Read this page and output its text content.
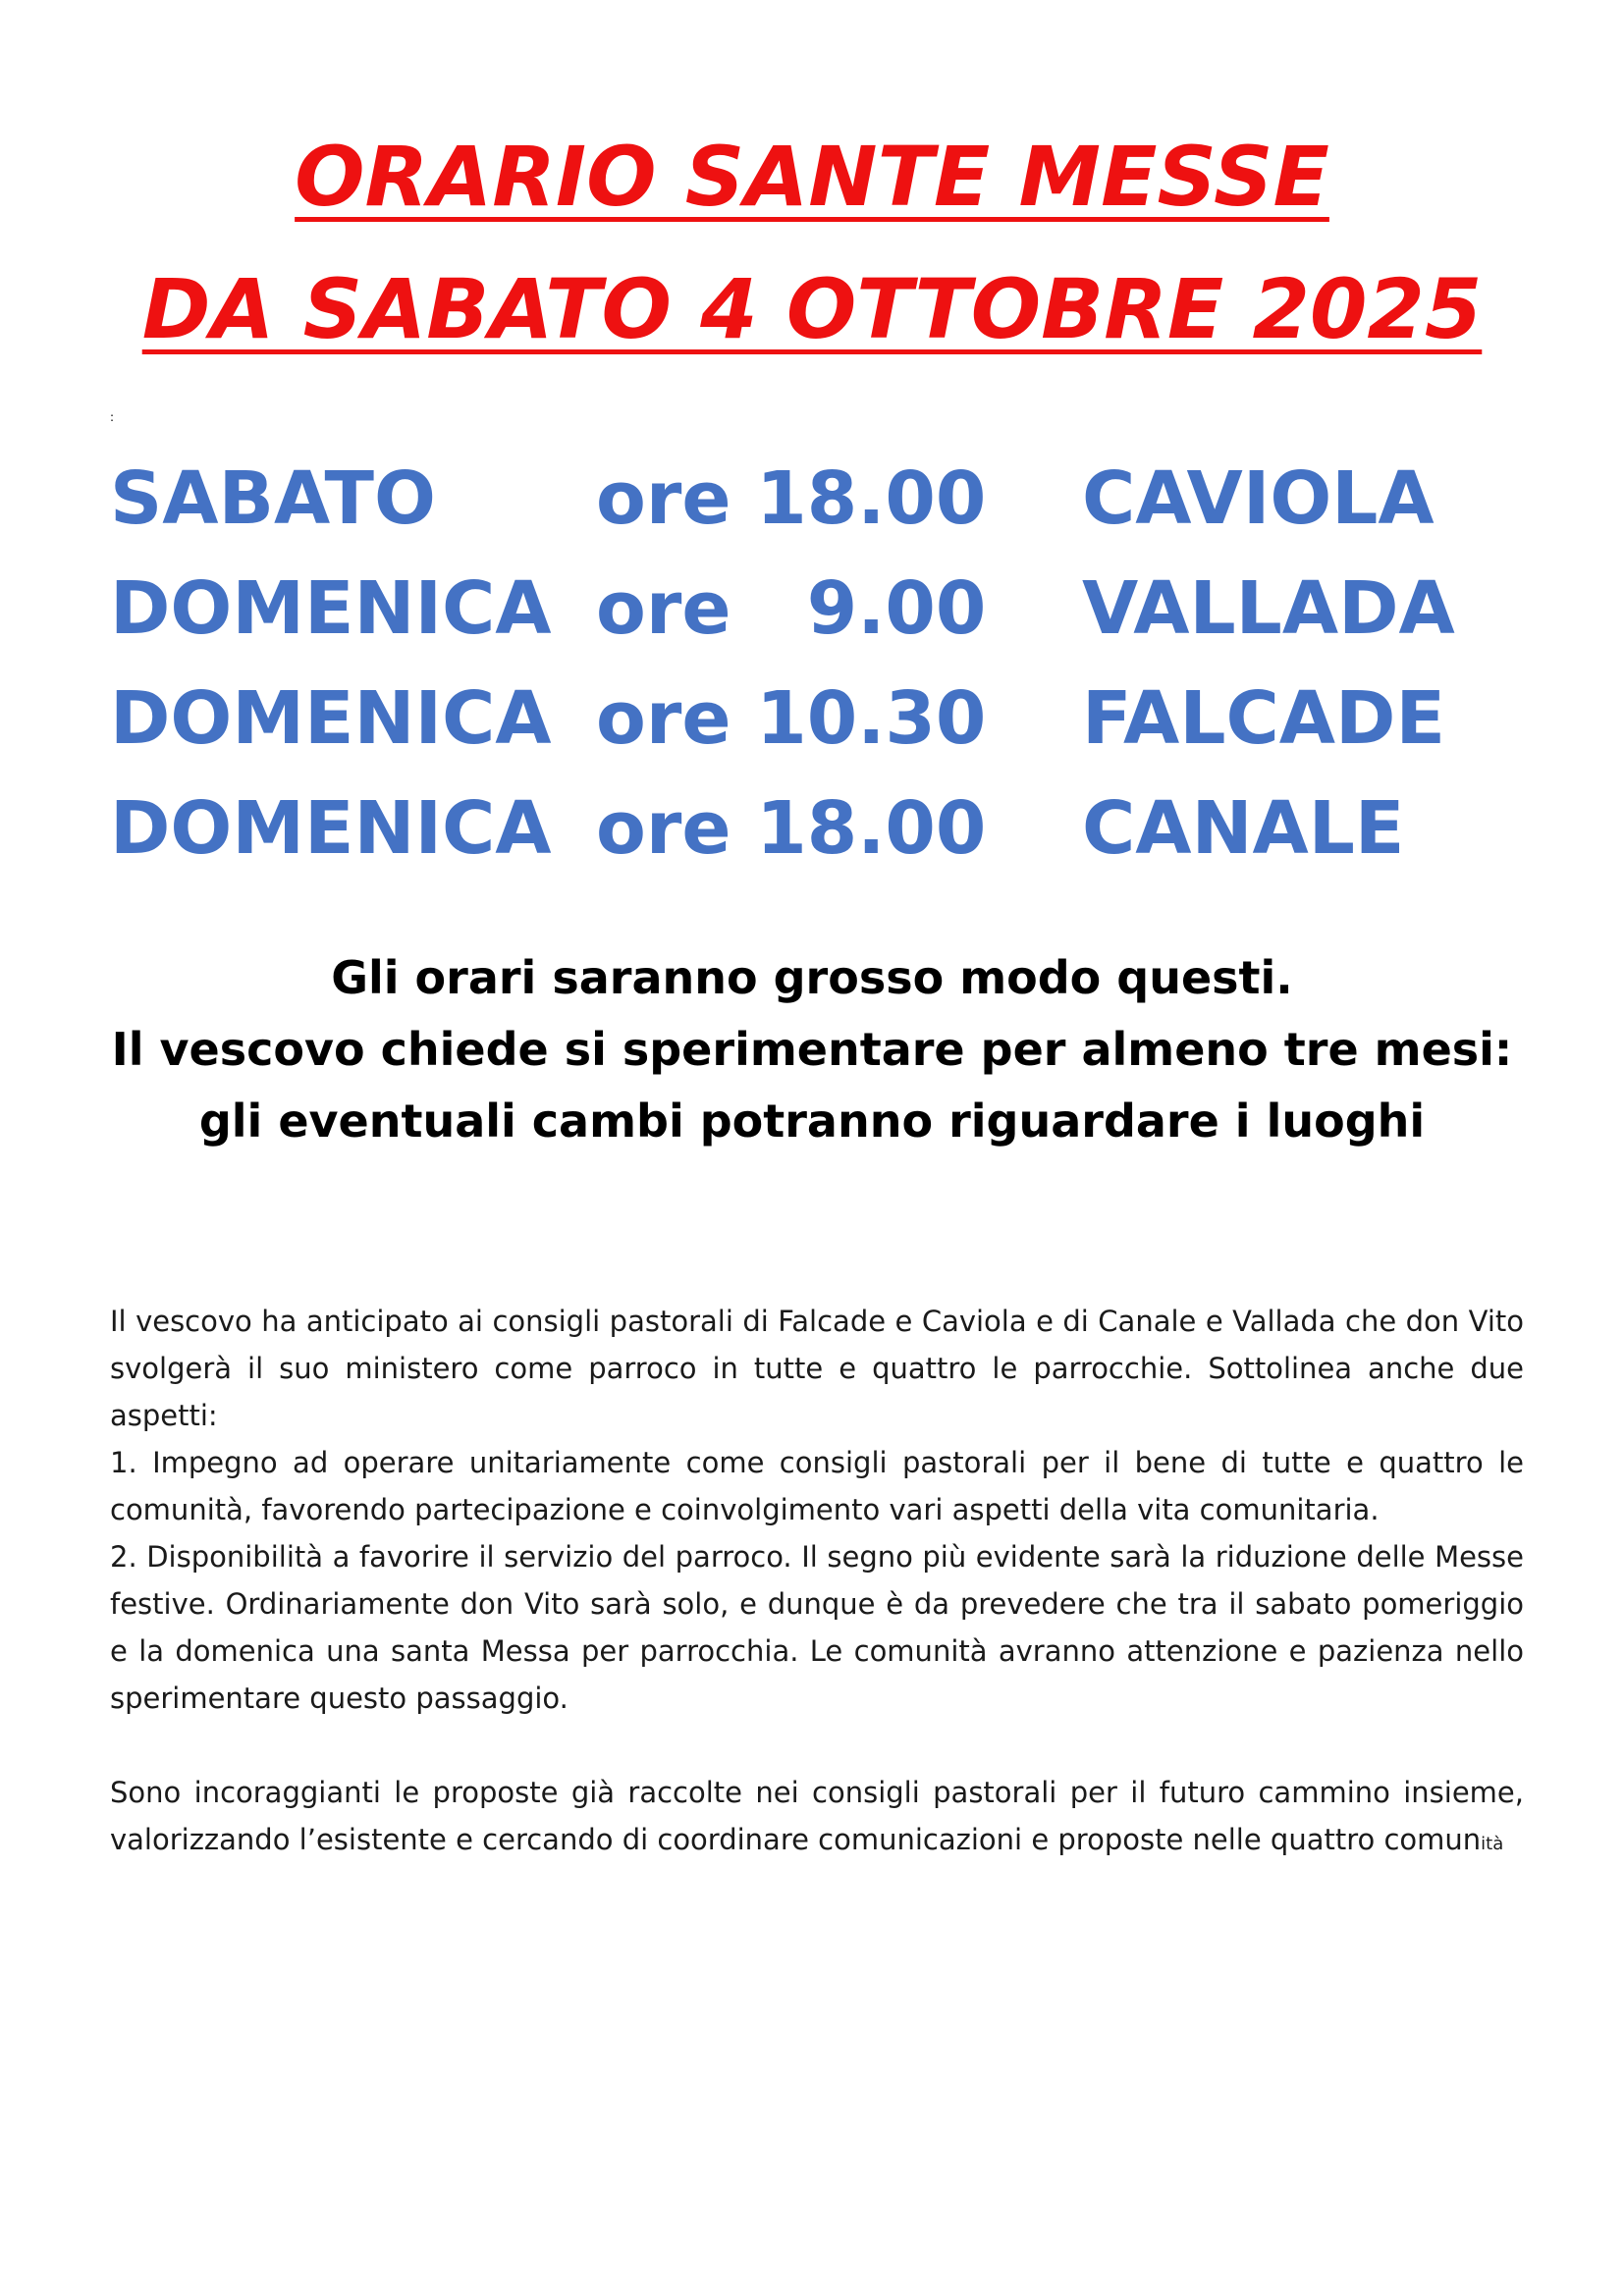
ORARIO SANTE MESSE
DA SABATO 4 OTTOBRE 2025
:
SABATO ore 18.00 CAVIOLA
DOMENICA ore   9.00 VALLADA
DOMENICA ore 10.30 FALCADE
DOMENICA ore 18.00 CANALE
Gli orari saranno grosso modo questi.
Il vescovo chiede si sperimentare per almeno tre mesi:
gli eventuali cambi potranno riguardare i luoghi

Il vescovo ha anticipato ai consigli pastorali di Falcade e Caviola e di Canale e Vallada che don Vito svolgerà il suo ministero come parroco in tutte e quattro le parrocchie. Sottolinea anche due aspetti:

1. Impegno ad operare unitariamente come consigli pastorali per il bene di tutte e quattro le comunità, favorendo partecipazione e coinvolgimento vari aspetti della vita comunitaria.

2. Disponibilità a favorire il servizio del parroco. Il segno più evidente sarà la riduzione delle Messe festive. Ordinariamente don Vito sarà solo, e dunque è da prevedere che tra il sabato pomeriggio e la domenica una santa Messa per parrocchia. Le comunità avranno attenzione e pazienza nello sperimentare questo passaggio.

Sono incoraggianti le proposte già raccolte nei consigli pastorali per il futuro cammino insieme, valorizzando l’esistente e cercando di coordinare comunicazioni e proposte nelle quattro comunità
